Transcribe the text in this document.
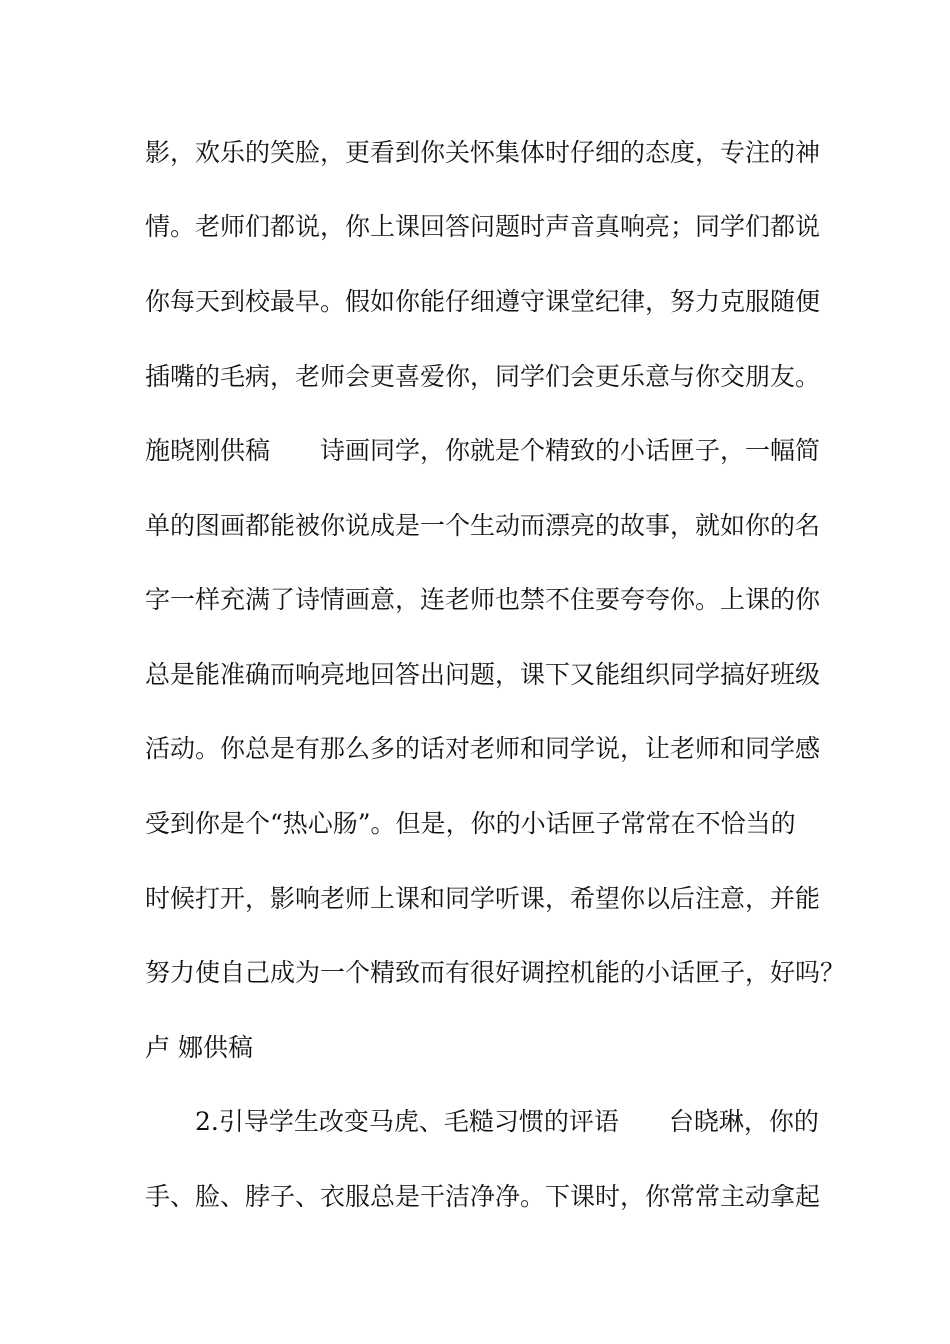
影，欢乐的笑脸，更看到你关怀集体时仔细的态度，专注的神
情。老师们都说，你上课回答问题时声音真响亮；同学们都说
你每天到校最早。假如你能仔细遵守课堂纪律，努力克服随便
插嘴的毛病，老师会更喜爱你，同学们会更乐意与你交朋友。
施晓刚供稿　　诗画同学，你就是个精致的小话匣子，一幅简
单的图画都能被你说成是一个生动而漂亮的故事，就如你的名
字一样充满了诗情画意，连老师也禁不住要夸夸你。上课的你
总是能准确而响亮地回答出问题，课下又能组织同学搞好班级
活动。你总是有那么多的话对老师和同学说，让老师和同学感
受到你是个“热心肠”。但是，你的小话匣子常常在不恰当的
时候打开，影响老师上课和同学听课，希望你以后注意，并能
努力使自己成为一个精致而有很好调控机能的小话匣子，好吗？
卢 娜供稿
　　2.引导学生改变马虎、毛糙习惯的评语　　台晓琳，你的
手、脸、脖子、衣服总是干洁净净。下课时，你常常主动拿起
